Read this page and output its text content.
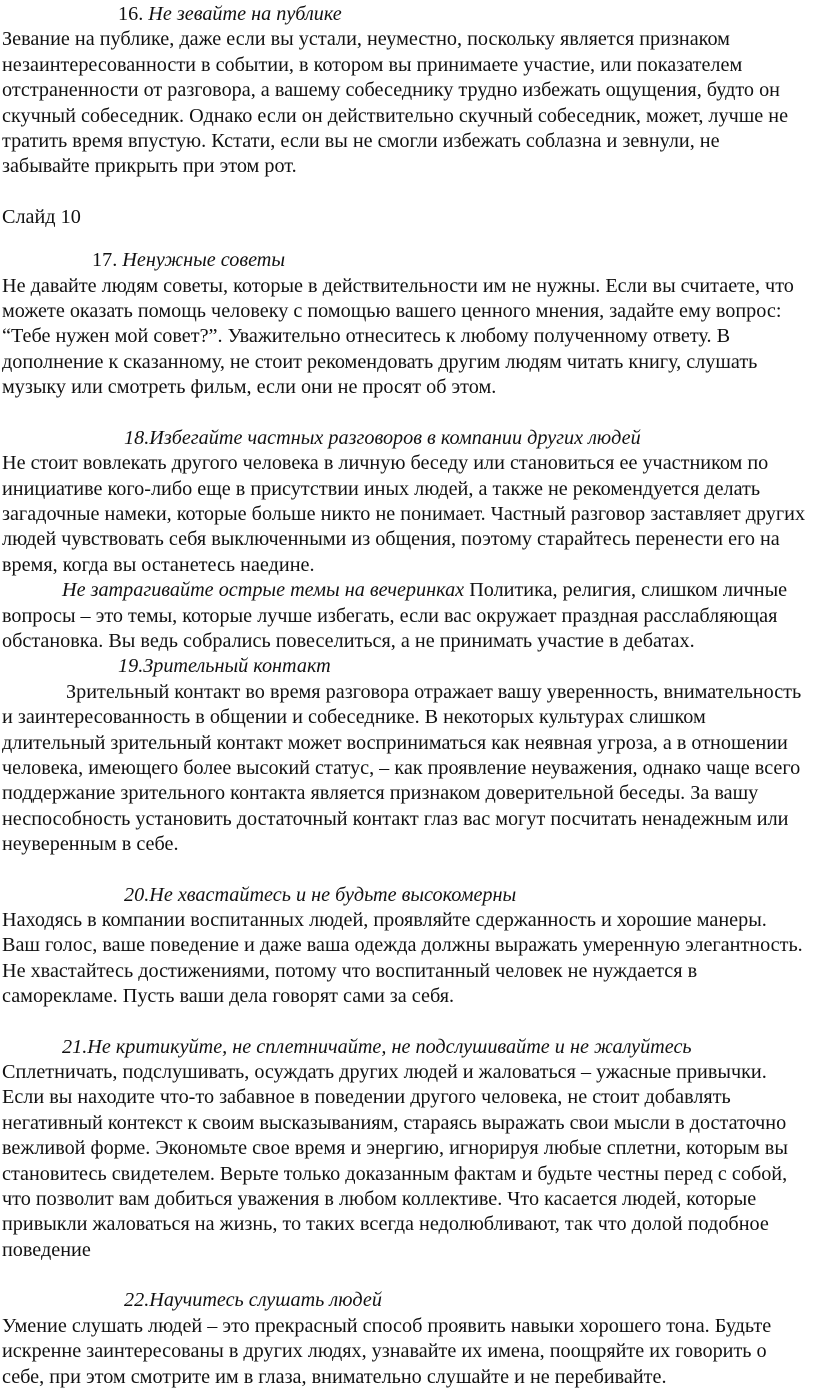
16. Не зевайте на публике

Зевание на публике, даже если вы устали, неуместно, поскольку является признаком незаинтересованности в событии, в котором вы принимаете участие, или показателем отстраненности от разговора, а вашему собеседнику трудно избежать ощущения, будто он скучный собеседник. Однако если он действительно скучный собеседник, может, лучше не тратить время впустую. Кстати, если вы не смогли избежать соблазна и зевнули, не забывайте прикрыть при этом рот.

Слайд 10

17. Ненужные советы

Не давайте людям советы, которые в действительности им не нужны. Если вы считаете, что можете оказать помощь человеку с помощью вашего ценного мнения, задайте ему вопрос: “Тебе нужен мой совет?”. Уважительно отнеситесь к любому полученному ответу. В дополнение к сказанному, не стоит рекомендовать другим людям читать книгу, слушать музыку или смотреть фильм, если они не просят об этом.

18.Избегайте частных разговоров в компании других людей

Не стоит вовлекать другого человека в личную беседу или становиться ее участником по инициативе кого-либо еще в присутствии иных людей, а также не рекомендуется делать загадочные намеки, которые больше никто не понимает. Частный разговор заставляет других людей чувствовать себя выключенными из общения, поэтому старайтесь перенести его на время, когда вы останетесь наедине.

Не затрагивайте острые темы на вечеринках Политика, религия, слишком личные вопросы – это темы, которые лучше избегать, если вас окружает праздная расслабляющая обстановка. Вы ведь собрались повеселиться, а не принимать участие в дебатах.

19.Зрительный контакт

Зрительный контакт во время разговора отражает вашу уверенность, внимательность и заинтересованность в общении и собеседнике. В некоторых культурах слишком длительный зрительный контакт может восприниматься как неявная угроза, а в отношении человека, имеющего более высокий статус, – как проявление неуважения, однако чаще всего поддержание зрительного контакта является признаком доверительной беседы. За вашу неспособность установить достаточный контакт глаз вас могут посчитать ненадежным или неуверенным в себе.

20.Не хвастайтесь и не будьте высокомерны

Находясь в компании воспитанных людей, проявляйте сдержанность и хорошие манеры. Ваш голос, ваше поведение и даже ваша одежда должны выражать умеренную элегантность. Не хвастайтесь достижениями, потому что воспитанный человек не нуждается в саморекламе. Пусть ваши дела говорят сами за себя.

21.Не критикуйте, не сплетничайте, не подслушивайте и не жалуйтесь

Сплетничать, подслушивать, осуждать других людей и жаловаться – ужасные привычки. Если вы находите что-то забавное в поведении другого человека, не стоит добавлять негативный контекст к своим высказываниям, стараясь выражать свои мысли в достаточно вежливой форме. Экономьте свое время и энергию, игнорируя любые сплетни, которым вы становитесь свидетелем. Верьте только доказанным фактам и будьте честны перед с собой, что позволит вам добиться уважения в любом коллективе. Что касается людей, которые привыкли жаловаться на жизнь, то таких всегда недолюбливают, так что долой подобное поведение

22.Научитесь слушать людей

Умение слушать людей – это прекрасный способ проявить навыки хорошего тона. Будьте искренне заинтересованы в других людях, узнавайте их имена, поощряйте их говорить о себе, при этом смотрите им в глаза, внимательно слушайте и не перебивайте.
